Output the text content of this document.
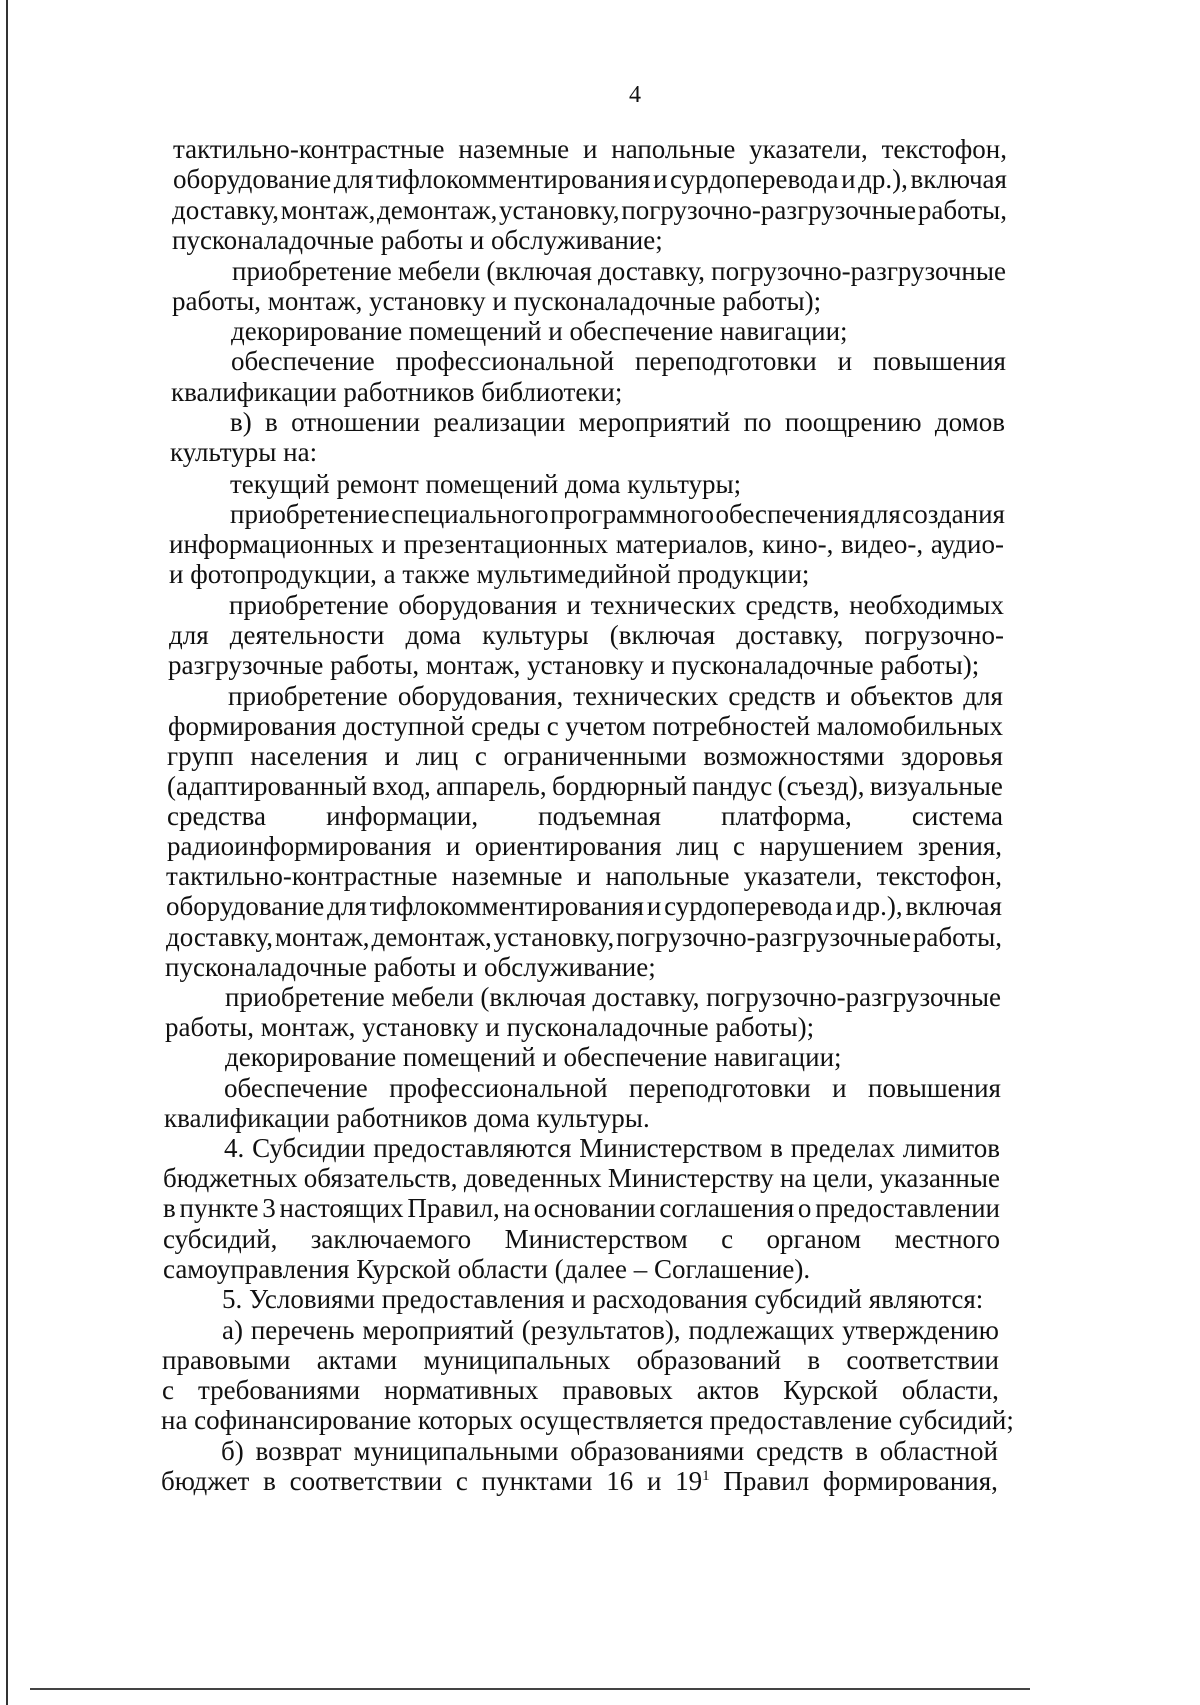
4
тактильно-контрастные наземные и напольные указатели, текстофон,
оборудование для тифлокомментирования и сурдоперевода и др.), включая
доставку, монтаж, демонтаж, установку, погрузочно-разгрузочные работы,
пусконаладочные работы и обслуживание;
приобретение мебели (включая доставку, погрузочно-разгрузочные
работы, монтаж, установку и пусконаладочные работы);
декорирование помещений и обеспечение навигации;
обеспечение профессиональной переподготовки и повышения
квалификации работников библиотеки;
в) в отношении реализации мероприятий по поощрению домов
культуры на:
текущий ремонт помещений дома культуры;
приобретение специального программного обеспечения для создания
информационных и презентационных материалов, кино-, видео-, аудио-
и фотопродукции, а также мультимедийной продукции;
приобретение оборудования и технических средств, необходимых
для деятельности дома культуры (включая доставку, погрузочно-
разгрузочные работы, монтаж, установку и пусконаладочные работы);
приобретение оборудования, технических средств и объектов для
формирования доступной среды с учетом потребностей маломобильных
групп населения и лиц с ограниченными возможностями здоровья
(адаптированный вход, аппарель, бордюрный пандус (съезд), визуальные
средства информации, подъемная платформа, система
радиоинформирования и ориентирования лиц с нарушением зрения,
тактильно-контрастные наземные и напольные указатели, текстофон,
оборудование для тифлокомментирования и сурдоперевода и др.), включая
доставку, монтаж, демонтаж, установку, погрузочно-разгрузочные работы,
пусконаладочные работы и обслуживание;
приобретение мебели (включая доставку, погрузочно-разгрузочные
работы, монтаж, установку и пусконаладочные работы);
декорирование помещений и обеспечение навигации;
обеспечение профессиональной переподготовки и повышения
квалификации работников дома культуры.
4. Субсидии предоставляются Министерством в пределах лимитов
бюджетных обязательств, доведенных Министерству на цели, указанные
в пункте 3 настоящих Правил, на основании соглашения о предоставлении
субсидий, заключаемого Министерством с органом местного
самоуправления Курской области (далее – Соглашение).
5. Условиями предоставления и расходования субсидий являются:
а) перечень мероприятий (результатов), подлежащих утверждению
правовыми актами муниципальных образований в соответствии
с требованиями нормативных правовых актов Курской области,
на софинансирование которых осуществляется предоставление субсидий;
б) возврат муниципальными образованиями средств в областной
бюджет в соответствии с пунктами 16 и 191 Правил формирования,
